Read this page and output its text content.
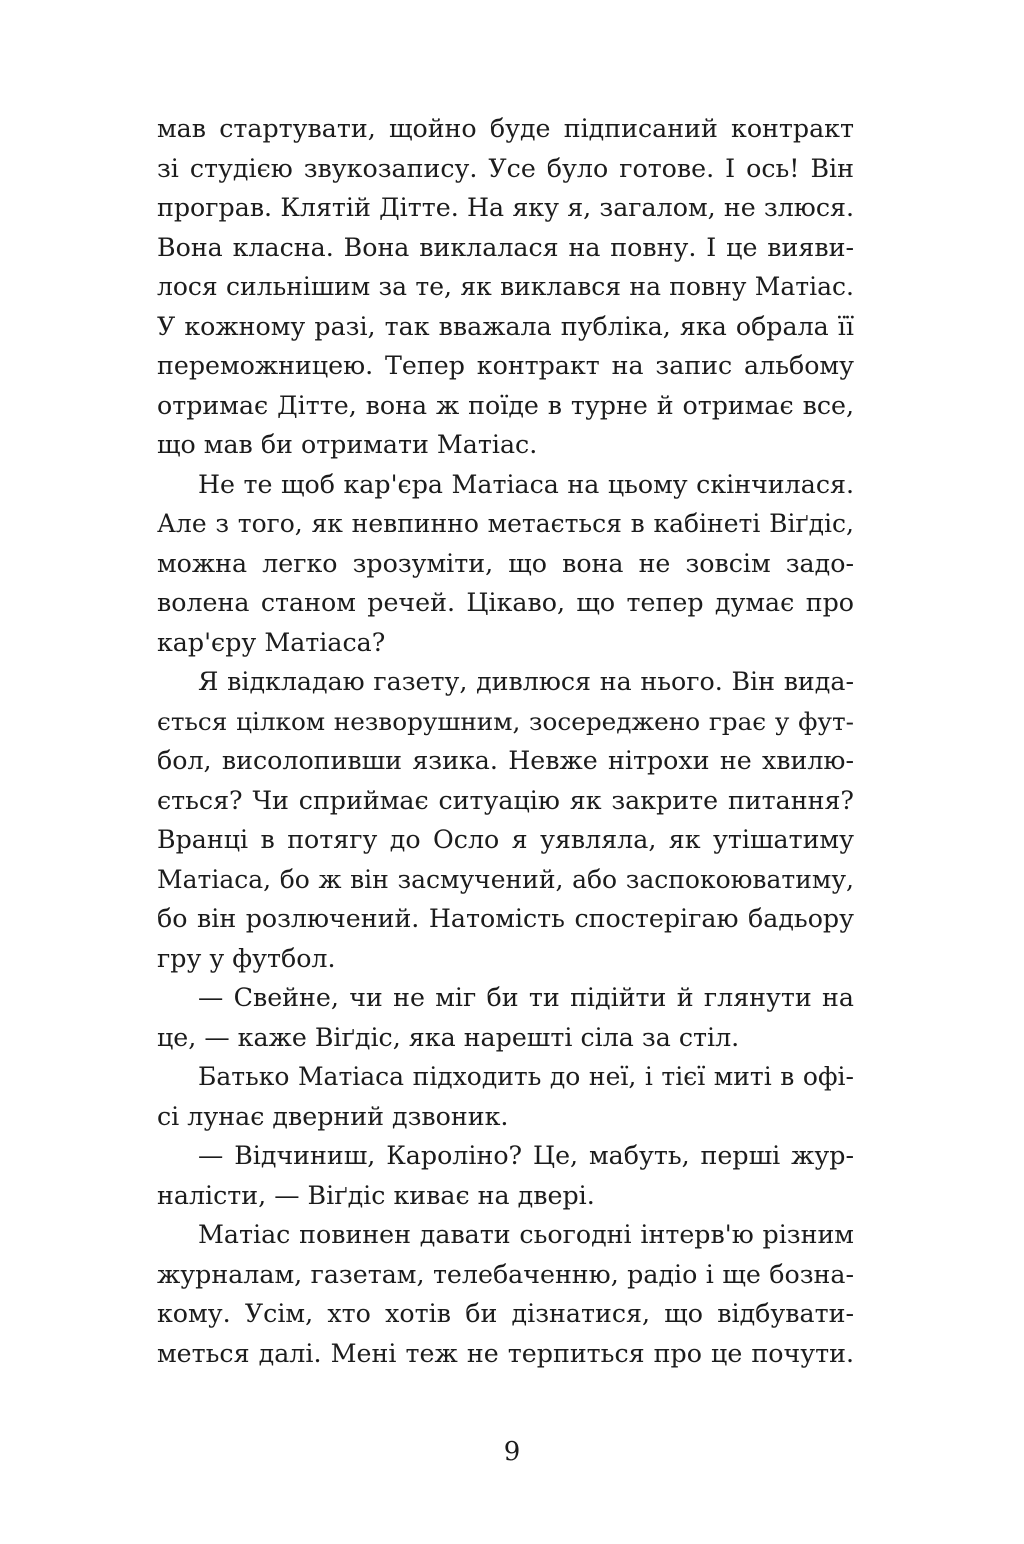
мав стартувати, щойно буде підписаний контракт
зі студією звукозапису. Усе було готове. І ось! Він
програв. Клятій Дітте. На яку я, загалом, не злюся.
Вона класна. Вона виклалася на повну. І це вияви-
лося сильнішим за те, як виклався на повну Матіас.
У кожному разі, так вважала публіка, яка обрала її
переможницею. Тепер контракт на запис альбому
отримає Дітте, вона ж поїде в турне й отримає все,
що мав би отримати Матіас.
Не те щоб кар'єра Матіаса на цьому скінчилася.
Але з того, як невпинно метається в кабінеті Віґдіс,
можна легко зрозуміти, що вона не зовсім задо-
волена станом речей. Цікаво, що тепер думає про
кар'єру Матіаса?
Я відкладаю газету, дивлюся на нього. Він вида-
ється цілком незворушним, зосереджено грає у фут-
бол, висолопивши язика. Невже нітрохи не хвилю-
ється? Чи сприймає ситуацію як закрите питання?
Вранці в потягу до Осло я уявляла, як утішатиму
Матіаса, бо ж він засмучений, або заспокоюватиму,
бо він розлючений. Натомість спостерігаю бадьору
гру у футбол.
— Свейне, чи не міг би ти підійти й глянути на
це, — каже Віґдіс, яка нарешті сіла за стіл.
Батько Матіаса підходить до неї, і тієї миті в офі-
сі лунає дверний дзвоник.
— Відчиниш, Кароліно? Це, мабуть, перші жур-
налісти, — Віґдіс киває на двері.
Матіас повинен давати сьогодні інтерв'ю різним
журналам, газетам, телебаченню, радіо і ще бозна-
кому. Усім, хто хотів би дізнатися, що відбувати-
меться далі. Мені теж не терпиться про це почути.
9
